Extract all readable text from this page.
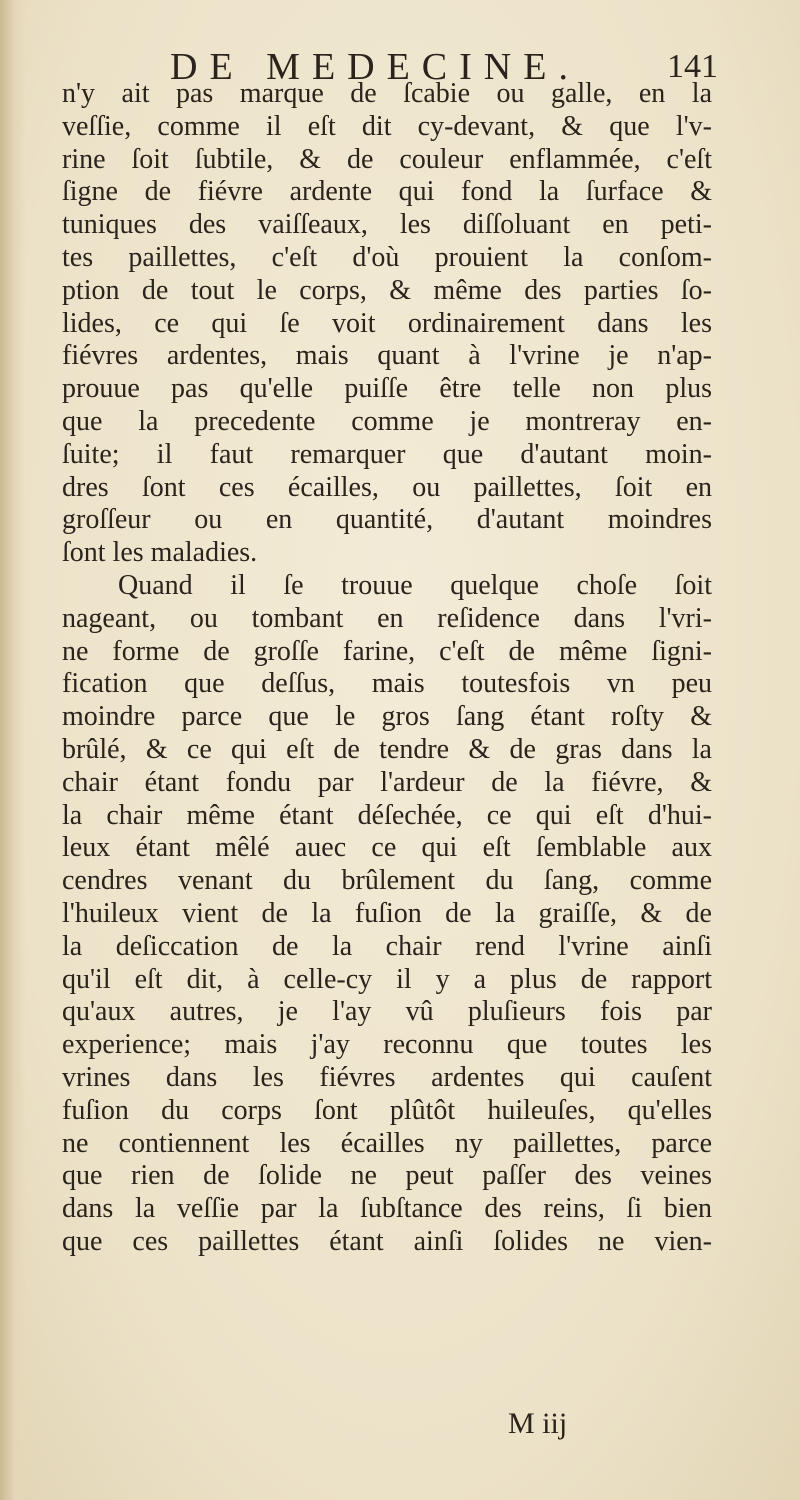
DE MEDECINE.	141
n'y ait pas marque de ſcabie ou galle, en la
veſſie, comme il eſt dit cy-devant, & que l'v-
rine ſoit ſubtile, & de couleur enflammée, c'eſt
ſigne de fiévre ardente qui fond la ſurface &
tuniques des vaiſſeaux, les diſſoluant en peti-
tes paillettes, c'eſt d'où prouient la conſom-
ption de tout le corps, & même des parties ſo-
lides, ce qui ſe voit ordinairement dans les
fiévres ardentes, mais quant à l'vrine je n'ap-
prouue pas qu'elle puiſſe être telle non plus
que la precedente comme je montreray en-
ſuite; il faut remarquer que d'autant moin-
dres ſont ces écailles, ou paillettes, ſoit en
groſſeur ou en quantité, d'autant moindres
ſont les maladies.
Quand il ſe trouue quelque choſe ſoit
nageant, ou tombant en reſidence dans l'vri-
ne forme de groſſe farine, c'eſt de même ſigni-
fication que deſſus, mais toutesfois vn peu
moindre parce que le gros ſang étant roſty &
brûlé, & ce qui eſt de tendre & de gras dans la
chair étant fondu par l'ardeur de la fiévre, &
la chair même étant déſechée, ce qui eſt d'hui-
leux étant mêlé auec ce qui eſt ſemblable aux
cendres venant du brûlement du ſang, comme
l'huileux vient de la fuſion de la graiſſe, & de
la deſiccation de la chair rend l'vrine ainſi
qu'il eſt dit, à celle-cy il y a plus de rapport
qu'aux autres, je l'ay vû pluſieurs fois par
experience; mais j'ay reconnu que toutes les
vrines dans les fiévres ardentes qui cauſent
fuſion du corps ſont plûtôt huileuſes, qu'elles
ne contiennent les écailles ny paillettes, parce
que rien de ſolide ne peut paſſer des veines
dans la veſſie par la ſubſtance des reins, ſi bien
que ces paillettes étant ainſi ſolides ne vien-
M iij
